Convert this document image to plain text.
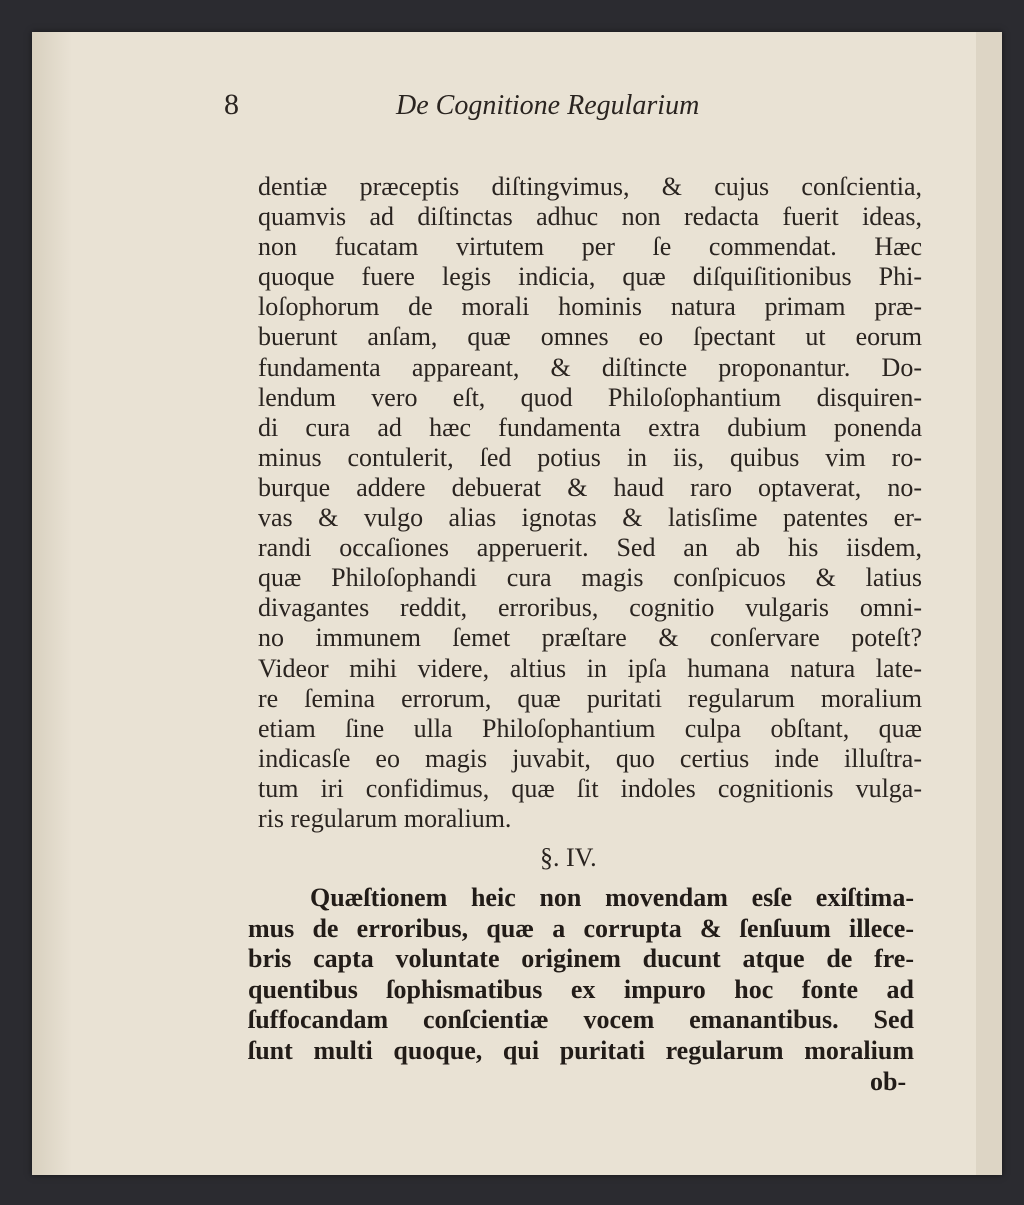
8	De Cognitione Regularium
dentiæ præceptis diſtingvimus, & cujus conſcientia,
quamvis ad diſtinctas adhuc non redacta fuerit ideas,
non fucatam virtutem per ſe commendat. Hæc
quoque fuere legis indicia, quæ diſquiſitionibus Phi-
loſophorum de morali hominis natura primam præ-
buerunt anſam, quæ omnes eo ſpectant ut eorum
fundamenta appareant, & diſtincte proponantur. Do-
lendum vero eſt, quod Philoſophantium disquiren-
di cura ad hæc fundamenta extra dubium ponenda
minus contulerit, ſed potius in iis, quibus vim ro-
burque addere debuerat & haud raro optaverat, no-
vas & vulgo alias ignotas & latisſime patentes er-
randi occaſiones apperuerit. Sed an ab his iisdem,
quæ Philoſophandi cura magis conſpicuos & latius
divagantes reddit, erroribus, cognitio vulgaris omni-
no immunem ſemet præſtare & conſervare poteſt?
Videor mihi videre, altius in ipſa humana natura late-
re ſemina errorum, quæ puritati regularum moralium
etiam ſine ulla Philoſophantium culpa obſtant, quæ
indicasſe eo magis juvabit, quo certius inde illuſtra-
tum iri confidimus, quæ ſit indoles cognitionis vulga-
ris regularum moralium.
§. IV.
Quæſtionem heic non movendam esſe exiſtima-
mus de erroribus, quæ a corrupta & ſenſuum illece-
bris capta voluntate originem ducunt atque de fre-
quentibus ſophismatibus ex impuro hoc fonte ad
ſuffocandam conſcientiæ vocem emanantibus. Sed
ſunt multi quoque, qui puritati regularum moralium
ob-
